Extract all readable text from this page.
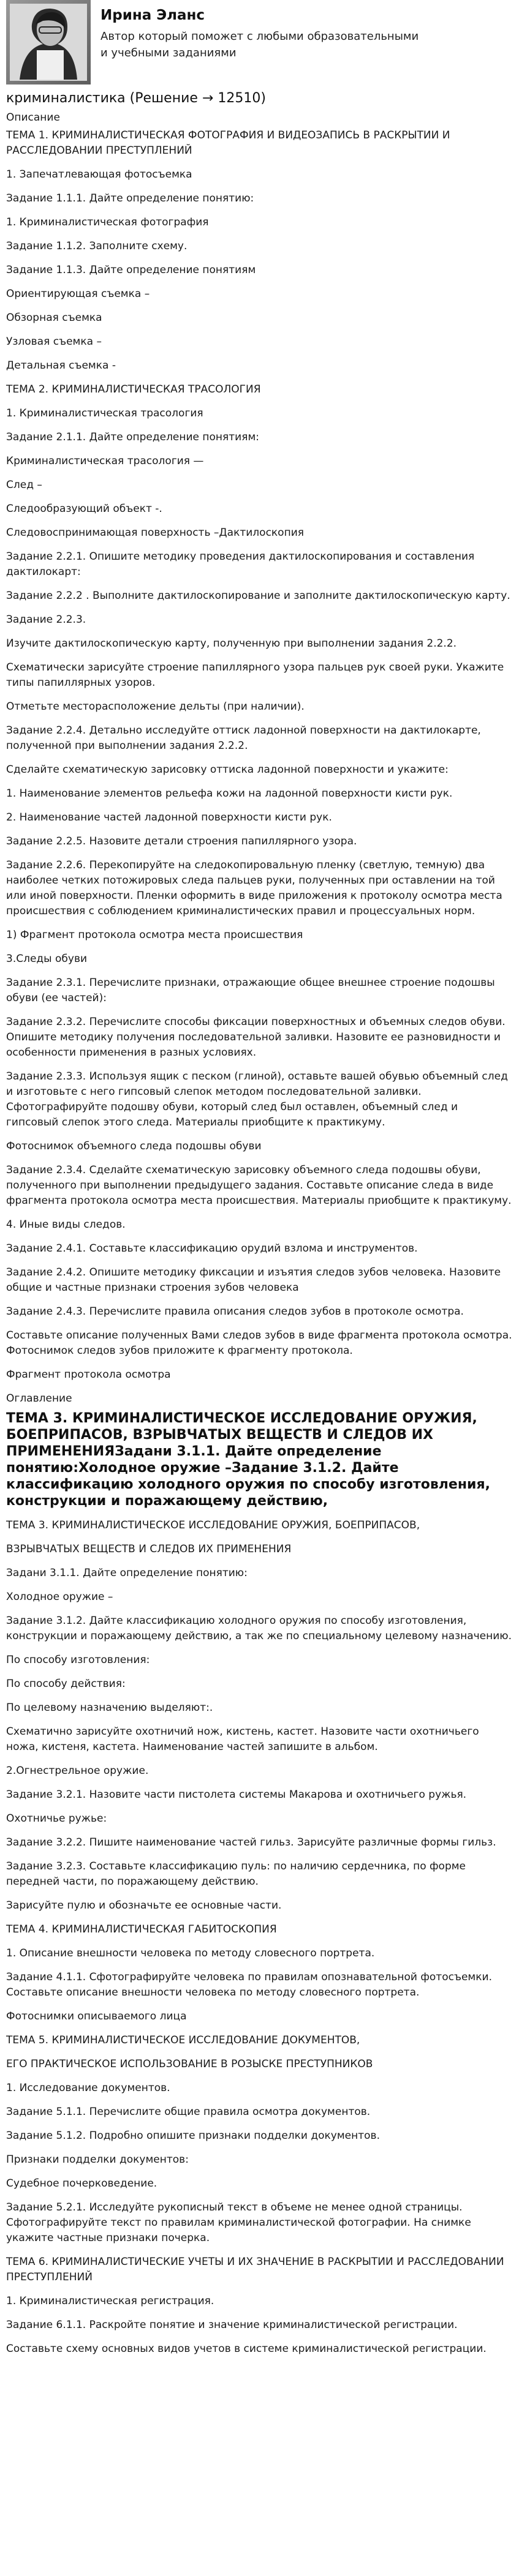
Ирина Эланс
Автор который поможет с любыми образовательными и учебными заданиями
криминалистика (Решение → 12510)

Описание

ТЕМА 1. КРИМИНАЛИСТИЧЕСКАЯ ФОТОГРАФИЯ И ВИДЕОЗАПИСЬ В РАСКРЫТИИ И РАССЛЕДОВАНИИ ПРЕСТУПЛЕНИЙ

1. Запечатлевающая фотосъемка

Задание 1.1.1. Дайте определение понятию:

1. Криминалистическая фотография

Задание 1.1.2. Заполните схему.

Задание 1.1.3. Дайте определение понятиям

Ориентирующая съемка –

Обзорная съемка

Узловая съемка –

Детальная съемка -

ТЕМА 2. КРИМИНАЛИСТИЧЕСКАЯ ТРАСОЛОГИЯ

1. Криминалистическая трасология

Задание 2.1.1. Дайте определение понятиям:

Криминалистическая трасология —

След –

Следообразующий объект -.

Следовоспринимающая поверхность –Дактилоскопия

Задание 2.2.1. Опишите методику проведения дактилоскопирования и составления дактилокарт:

Задание 2.2.2 . Выполните дактилоскопирование и заполните дактилоскопическую карту.

Задание 2.2.3.

Изучите дактилоскопическую карту, полученную при выполнении задания 2.2.2.

Схематически зарисуйте строение папиллярного узора пальцев рук своей руки. Укажите типы папиллярных узоров.

Отметьте месторасположение дельты (при наличии).

Задание 2.2.4. Детально исследуйте оттиск ладонной поверхности на дактилокарте, полученной при выполнении задания 2.2.2.

Сделайте схематическую зарисовку оттиска ладонной поверхности и укажите:

1. Наименование элементов рельефа кожи на ладонной поверхности кисти рук.

2. Наименование частей ладонной поверхности кисти рук.

Задание 2.2.5. Назовите детали строения папиллярного узора.

Задание 2.2.6. Перекопируйте на следокопировальную пленку (светлую, темную) два наиболее четких потожировых следа пальцев руки, полученных при оставлении на той или иной поверхности. Пленки оформить в виде приложения к протоколу осмотра места происшествия с соблюдением криминалистических правил и процессуальных норм.

1) Фрагмент протокола осмотра места происшествия

3.Следы обуви

Задание 2.3.1. Перечислите признаки, отражающие общее внешнее строение подошвы обуви (ее частей):

Задание 2.3.2. Перечислите способы фиксации поверхностных и объемных следов обуви. Опишите методику получения последовательной заливки. Назовите ее разновидности и особенности применения в разных условиях.

Задание 2.3.3. Используя ящик с песком (глиной), оставьте вашей обувью объемный след и изготовьте с него гипсовый слепок методом последовательной заливки. Сфотографируйте подошву обуви, который след был оставлен, объемный след и гипсовый слепок этого следа. Материалы приобщите к практикуму.

Фотоснимок объемного следа подошвы обуви

Задание 2.3.4. Сделайте схематическую зарисовку объемного следа подошвы обуви, полученного при выполнении предыдущего задания. Составьте описание следа в виде фрагмента протокола осмотра места происшествия. Материалы приобщите к практикуму.

4. Иные виды следов.

Задание 2.4.1. Составьте классификацию орудий взлома и инструментов.

Задание 2.4.2. Опишите методику фиксации и изъятия следов зубов человека. Назовите общие и частные признаки строения зубов человека

Задание 2.4.3. Перечислите правила описания следов зубов в протоколе осмотра.

Составьте описание полученных Вами следов зубов в виде фрагмента протокола осмотра. Фотоснимок следов зубов приложите к фрагменту протокола.

Фрагмент протокола осмотра

Оглавление

ТЕМА 3. КРИМИНАЛИСТИЧЕСКОЕ ИССЛЕДОВАНИЕ ОРУЖИЯ, БОЕПРИПАСОВ, ВЗРЫВЧАТЫХ ВЕЩЕСТВ И СЛЕДОВ ИХ ПРИМЕНЕНИЯЗадани 3.1.1. Дайте определение понятию:Холодное оружие –Задание 3.1.2. Дайте классификацию холодного оружия по способу изготовления, конструкции и поражающему действию,

ТЕМА 3. КРИМИНАЛИСТИЧЕСКОЕ ИССЛЕДОВАНИЕ ОРУЖИЯ, БОЕПРИПАСОВ,

ВЗРЫВЧАТЫХ ВЕЩЕСТВ И СЛЕДОВ ИХ ПРИМЕНЕНИЯ

Задани 3.1.1. Дайте определение понятию:

Холодное оружие –

Задание 3.1.2. Дайте классификацию холодного оружия по способу изготовления, конструкции и поражающему действию, а так же по специальному целевому назначению.

По способу изготовления:

По способу действия:

По целевому назначению выделяют:.

Схематично зарисуйте охотничий нож, кистень, кастет. Назовите части охотничьего ножа, кистеня, кастета. Наименование частей запишите в альбом.

2.Огнестрельное оружие.

Задание 3.2.1. Назовите части пистолета системы Макарова и охотничьего ружья.

Охотничье ружье:

Задание 3.2.2. Пишите наименование частей гильз. Зарисуйте различные формы гильз.

Задание 3.2.3. Составьте классификацию пуль: по наличию сердечника, по форме передней части, по поражающему действию.

Зарисуйте пулю и обозначьте ее основные части.

ТЕМА 4. КРИМИНАЛИСТИЧЕСКАЯ ГАБИТОСКОПИЯ

1. Описание внешности человека по методу словесного портрета.

Задание 4.1.1. Сфотографируйте человека по правилам опознавательной фотосъемки. Составьте описание внешности человека по методу словесного портрета.

Фотоснимки описываемого лица

ТЕМА 5. КРИМИНАЛИСТИЧЕСКОЕ ИССЛЕДОВАНИЕ ДОКУМЕНТОВ,

ЕГО ПРАКТИЧЕСКОЕ ИСПОЛЬЗОВАНИЕ В РОЗЫСКЕ ПРЕСТУПНИКОВ

1. Исследование документов.

Задание 5.1.1. Перечислите общие правила осмотра документов.

Задание 5.1.2. Подробно опишите признаки подделки документов.

Признаки подделки документов:

Судебное почерковедение.

Задание 5.2.1. Исследуйте рукописный текст в объеме не менее одной страницы. Сфотографируйте текст по правилам криминалистической фотографии. На снимке укажите частные признаки почерка.

ТЕМА 6. КРИМИНАЛИСТИЧЕСКИЕ УЧЕТЫ И ИХ ЗНАЧЕНИЕ В РАСКРЫТИИ И РАССЛЕДОВАНИИ ПРЕСТУПЛЕНИЙ

1. Криминалистическая регистрация.

Задание 6.1.1. Раскройте понятие и значение криминалистической регистрации.

Составьте схему основных видов учетов в системе криминалистической регистрации.
